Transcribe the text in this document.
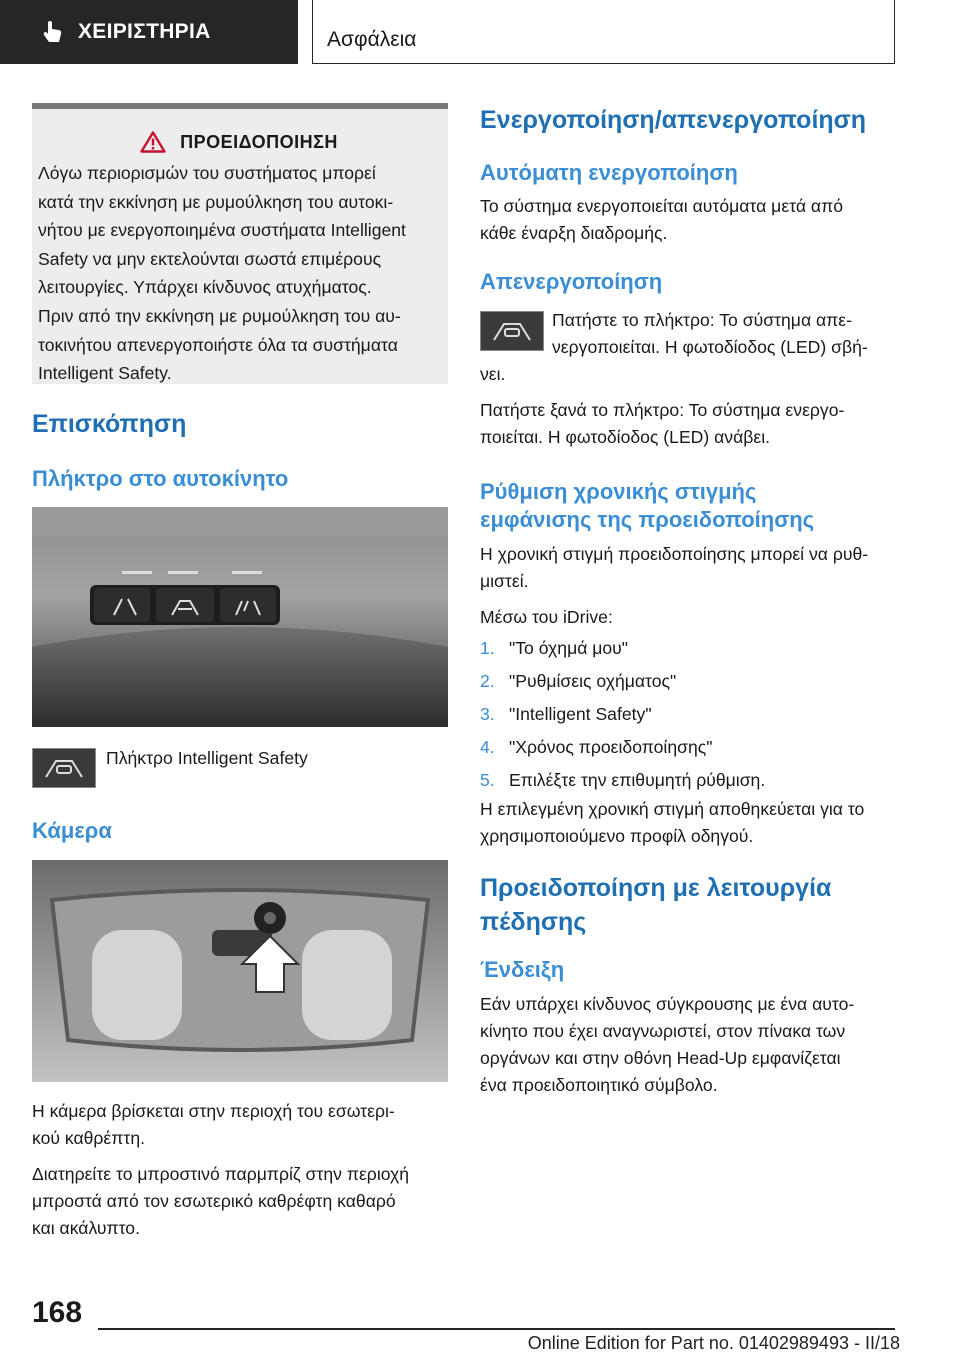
ΧΕΙΡΙΣΤΗΡΙΑ	Ασφάλεια
ΠΡΟΕΙΔΟΠΟΙΗΣΗ
Λόγω περιορισμών του συστήματος μπορεί
κατά την εκκίνηση με ρυμούλκηση του αυτοκι-
νήτου με ενεργοποιημένα συστήματα Intelligent
Safety να μην εκτελούνται σωστά επιμέρους
λειτουργίες. Υπάρχει κίνδυνος ατυχήματος.
Πριν από την εκκίνηση με ρυμούλκηση του αυ-
τοκινήτου απενεργοποιήστε όλα τα συστήματα
Intelligent Safety.
Επισκόπηση
Πλήκτρο στο αυτοκίνητο

Πλήκτρο Intelligent Safety

Κάμερα

Η κάμερα βρίσκεται στην περιοχή του εσωτερι-

κού καθρέπτη.

Διατηρείτε το μπροστινό παρμπρίζ στην περιοχή

μπροστά από τον εσωτερικό καθρέφτη καθαρό

και ακάλυπτο.

Ενεργοποίηση/απενεργοποίηση
Αυτόματη ενεργοποίηση

Το σύστημα ενεργοποιείται αυτόματα μετά από

κάθε έναρξη διαδρομής.

Απενεργοποίηση

Πατήστε το πλήκτρο: Το σύστημα απε-

νεργοποιείται. Η φωτοδίοδος (LED) σβή-

νει.

Πατήστε ξανά το πλήκτρο: Το σύστημα ενεργο-

ποιείται. Η φωτοδίοδος (LED) ανάβει.

Ρύθμιση χρονικής στιγμής
εμφάνισης της προειδοποίησης

Η χρονική στιγμή προειδοποίησης μπορεί να ρυθ-

μιστεί.

Μέσω του iDrive:

1. "Το όχημά μου"
2. "Ρυθμίσεις οχήματος"
3. "Intelligent Safety"
4. "Χρόνος προειδοποίησης"
5. Επιλέξτε την επιθυμητή ρύθμιση.

Η επιλεγμένη χρονική στιγμή αποθηκεύεται για το

χρησιμοποιούμενο προφίλ οδηγού.

Προειδοποίηση με λειτουργία
πέδησης
Ένδειξη

Εάν υπάρχει κίνδυνος σύγκρουσης με ένα αυτο-

κίνητο που έχει αναγνωριστεί, στον πίνακα των

οργάνων και στην οθόνη Head-Up εμφανίζεται

ένα προειδοποιητικό σύμβολο.

168
Online Edition for Part no. 01402989493 - II/18
